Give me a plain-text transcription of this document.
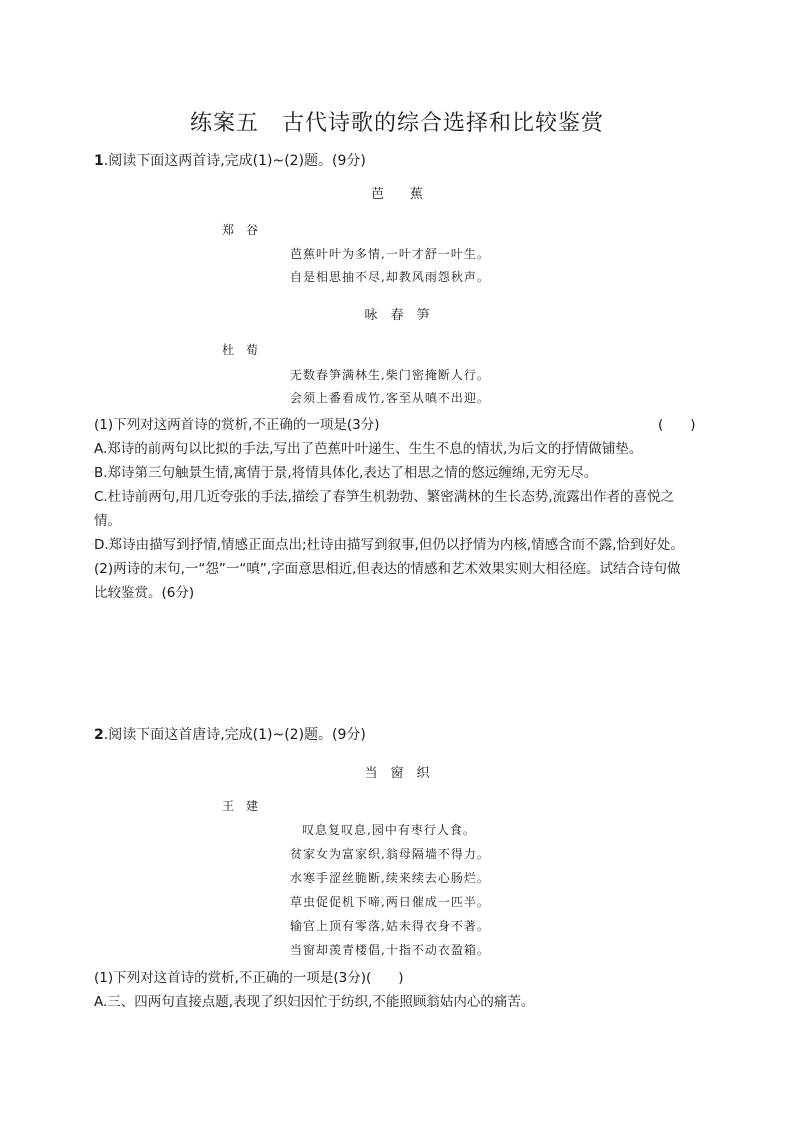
练案五　古代诗歌的综合选择和比较鉴赏
1.阅读下面这两首诗,完成(1)~(2)题。(9分)
芭　　蕉
郑　谷
芭蕉叶叶为多情,一叶才舒一叶生。
自是相思抽不尽,却教风雨怨秋声。
咏　春　笋
杜　荀
无数春笋满林生,柴门密掩断人行。
会须上番看成竹,客至从嗔不出迎。
(1)下列对这两首诗的赏析,不正确的一项是(3分)	(　　)
A.郑诗的前两句以比拟的手法,写出了芭蕉叶叶递生、生生不息的情状,为后文的抒情做铺垫。
B.郑诗第三句触景生情,寓情于景,将情具体化,表达了相思之情的悠远缠绵,无穷无尽。
C.杜诗前两句,用几近夸张的手法,描绘了春笋生机勃勃、繁密满林的生长态势,流露出作者的喜悦之
情。
D.郑诗由描写到抒情,情感正面点出;杜诗由描写到叙事,但仍以抒情为内核,情感含而不露,恰到好处。
(2)两诗的末句,一“怨”一“嗔”,字面意思相近,但表达的情感和艺术效果实则大相径庭。试结合诗句做
比较鉴赏。(6分)
2.阅读下面这首唐诗,完成(1)~(2)题。(9分)
当　窗　织
王　建
叹息复叹息,园中有枣行人食。
贫家女为富家织,翁母隔墙不得力。
水寒手涩丝脆断,续来续去心肠烂。
草虫促促机下啼,两日催成一匹半。
输官上顶有零落,姑未得衣身不著。
当窗却羡青楼倡,十指不动衣盈箱。
(1)下列对这首诗的赏析,不正确的一项是(3分)(　　)
A.三、四两句直接点题,表现了织妇因忙于纺织,不能照顾翁姑内心的痛苦。
